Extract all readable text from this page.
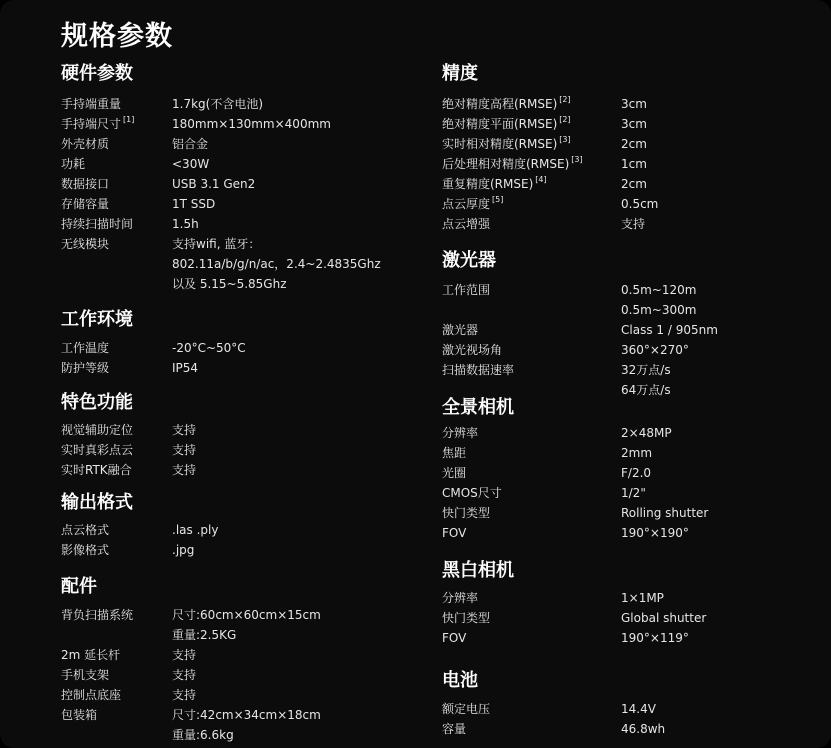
规格参数
硬件参数
手持端重量	1.7kg(不含电池)
手持端尺寸 [1]	180mm×130mm×400mm
外壳材质	铝合金
功耗	<30W
数据接口	USB 3.1 Gen2
存储容量	1T SSD
持续扫描时间	1.5h
无线模块	支持wifi, 蓝牙：
802.11a/b/g/n/ac，2.4~2.4835Ghz
以及 5.15~5.85Ghz
工作环境
工作温度	-20°C~50°C
防护等级	IP54
特色功能
视觉辅助定位	支持
实时真彩点云	支持
实时RTK融合	支持
输出格式
点云格式	.las .ply
影像格式	.jpg
配件
背负扫描系统	尺寸:60cm×60cm×15cm
重量:2.5KG
2m 延长杆	支持
手机支架	支持
控制点底座	支持
包装箱	尺寸:42cm×34cm×18cm
重量:6.6kg
精度
绝对精度高程(RMSE) [2]	3cm
绝对精度平面(RMSE) [2]	3cm
实时相对精度(RMSE) [3]	2cm
后处理相对精度(RMSE) [3]	1cm
重复精度(RMSE) [4]	2cm
点云厚度 [5]	0.5cm
点云增强	支持
激光器
工作范围	0.5m~120m
0.5m~300m
激光器	Class 1 / 905nm
激光视场角	360°×270°
扫描数据速率	32万点/s
64万点/s
全景相机
分辨率	2×48MP
焦距	2mm
光圈	F/2.0
CMOS尺寸	1/2"
快门类型	Rolling shutter
FOV	190°×190°
黑白相机
分辨率	1×1MP
快门类型	Global shutter
FOV	190°×119°
电池
额定电压	14.4V
容量	46.8wh
